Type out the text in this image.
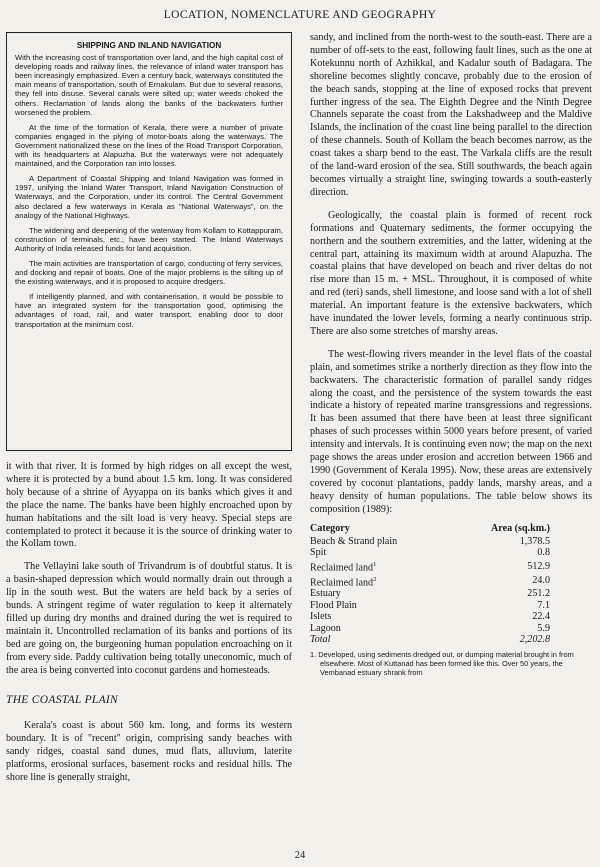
LOCATION, NOMENCLATURE AND GEOGRAPHY
SHIPPING AND INLAND NAVIGATION

With the increasing cost of transportation over land, and the high capital cost of developing roads and railway lines, the relevance of inland water transport has been increasingly emphasized. Even a century back, waterways constituted the main means of transportation, south of Ernakulam. But due to several reasons, they fell into disuse. Several canals were silted up; water weeds choked the others. Reclamation of lands along the banks of the backwaters further worsened the problem.

At the time of the formation of Kerala, there were a number of private companies engaged in the plying of motor-boats along the waterways. The Government nationalized these on the lines of the Road Transport Corporation, with its headquarters at Alapuzha. But the waterways were not adequately maintained, and the Corporation ran into losses.

A Department of Coastal Shipping and Inland Navigation was formed in 1997, unifying the Inland Water Transport, Inland Navigation Construction of Waterways, and the Corporation, under its control. The Central Government also declared a few waterways in Kerala as "National Waterways", on the analogy of the National Highways.

The widening and deepening of the waterway from Kollam to Kottappuram, construction of terminals, etc., have been started. The Inland Waterways Authority of India released funds for land acquisition.

The main activities are transportation of cargo, conducting of ferry services, and docking and repair of boats. One of the major problems is the silting up of the existing waterways, and it is proposed to acquire dredgers.

If intelligently planned, and with containerisation, it would be possible to have an integrated system for the transportation good, optimising the advantages of road, rail, and water transport, enabling door to door transportation at the minimum cost.

it with that river. It is formed by high ridges on all except the west, where it is protected by a bund about 1.5 km. long. It was considered holy because of a shrine of Ayyappa on its banks which gives it and the place the name. The banks have been highly encroached upon by human habitations and the silt load is very heavy. Special steps are contemplated to protect it because it is the source of drinking water to the Kollam town.

The Vellayini lake south of Trivandrum is of doubtful status. It is a basin-shaped depression which would normally drain out through a lip in the south west. But the waters are held back by a series of bunds. A stringent regime of water regulation to keep it alternately filled up during dry months and drained during the wet is required to maintain it. Uncontrolled reclamation of its banks and portions of its bed are going on, the burgeoning human population encroaching on it from every side. Paddy cultivation being totally uneconomic, much of the area is being converted into coconut gardens and homesteads.

THE COASTAL PLAIN

Kerala's coast is about 560 km. long, and forms its western boundary. It is of "recent" origin, comprising sandy beaches with sandy ridges, coastal sand dunes, mud flats, alluvium, laterite platforms, erosional surfaces, basement rocks and residual hills. The shore line is generally straight,

sandy, and inclined from the north-west to the south-east. There are a number of off-sets to the east, following fault lines, such as the one at Kotekunnu north of Azhikkal, and Kadalur south of Badagara. The shoreline becomes slightly concave, probably due to the erosion of the beach sands, stopping at the line of exposed rocks that prevent further ingress of the sea. The Eighth Degree and the Ninth Degree Channels separate the coast from the Lakshadweep and the Maldive Islands, the inclination of the coast line being parallel to the direction of these channels. South of Kollam the beach becomes narrow, as the coast takes a sharp bend to the east. The Varkala cliffs are the result of the land-ward erosion of the sea. Still southwards, the beach again becomes virtually a straight line, swinging towards a south-easterly direction.

Geologically, the coastal plain is formed of recent rock formations and Quaternary sediments, the former occupying the northern and the southern extremities, and the latter, widening at the central part, attaining its maximum width at around Alapuzha. The coastal plains that have developed on beach and river deltas do not rise more than 15 m. + MSL. Throughout, it is composed of white and red (teri) sands, shell limestone, and loose sand with a lot of shell material. An important feature is the extensive backwaters, which have inundated the lower levels, forming a nearly continuous strip. There are also some stretches of marshy areas.

The west-flowing rivers meander in the level flats of the coastal plain, and sometimes strike a northerly direction as they flow into the backwaters. The characteristic formation of parallel sandy ridges along the coast, and the persistence of the system towards the east indicate a history of repeated marine transgressions and regressions. It has been assumed that there have been at least three significant phases of such processes within 5000 years before present, of varied intensity and intervals. It is continuing even now; the map on the next page shows the areas under erosion and accretion between 1966 and 1990 (Government of Kerala 1995). Now, these areas are extensively covered by coconut plantations, paddy lands, marshy areas, and a heavy density of human populations. The table below shows its composition (1989):

Category	Area (sq.km.)
Beach & Strand plain	1,378.5
Spit	0.8
Reclaimed land$^1$	512.9
Reclaimed land$^2$	24.0
Estuary	251.2
Flood Plain	7.1
Islets	22.4
Lagoon	5.9
Total	2,202.8
1. Developed, using sediments dredged out, or dumping material brought in from elsewhere. Most of Kuttanad has been formed like this. Over 50 years, the Vembanad estuary shrank from
24
